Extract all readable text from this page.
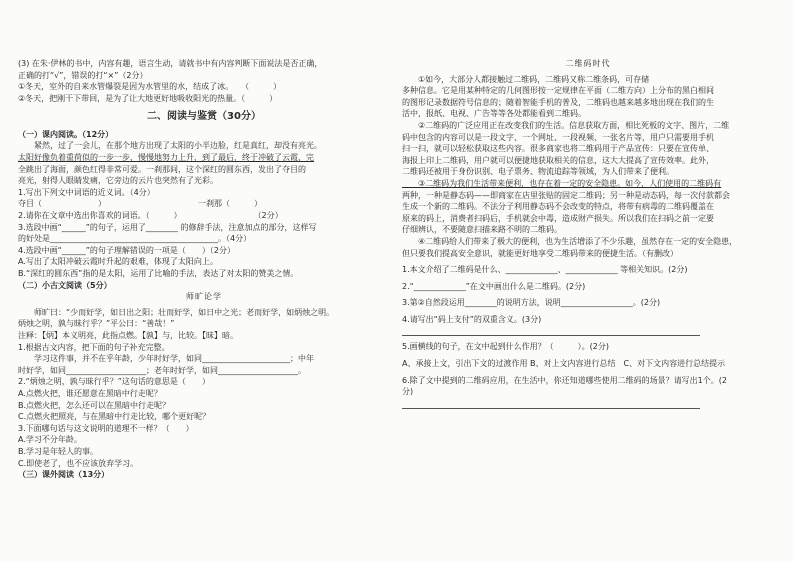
(3) 在朱·伊林的书中，内容有趣，语言生动，请就书中有内容判断下面说法是否正确，

正确的打“√”，错误的打“×”（2分）

①冬天，室外的自来水管爆裂是因为水管里的水，结成了冰。　　（　　　）

②冬天，把刚干下带回，是为了让大地更好地吸收阳光的热量。（　　　）

二、阅读与鉴赏（30分）

（一）课内阅读。（12分）

　　紧然，过了一会儿，在那个地方出现了太阳的小半边脸，红是真红，却没有亮光。

太阳好像负着重荷似的一步一步，慢慢地努力上升，到了最后，终于冲破了云霞，完

全跳出了海面，颜色红得非常可爱。一刹那间，这个深红的圆东西，发出了夺目的

亮光，射得人眼睛发痛，它旁边的云片也突然有了光彩。

1.写出下列文中词语的近义词。（4分）

夺目（　　　　　　　）　　　　　　　　　　　　一刹那（　　　）

2.请你在文章中选出你喜欢的词语。（　　　）　　　　　　　　　　（2分）

3.选段中画“______”的句子，运用了________ 的修辞手法，注意加点的部分，这样写

的好处是__________________________________________。（4分）

4.选段中画“______”的句子理解错误的一项是（　　）（2分）

A.写出了太阳冲破云霞时升起的艰难，体现了太阳向上。

B.“深红的圆东西”指的是太阳，运用了比喻的手法，表达了对太阳的赞美之情。

（二）小古文阅读（5分）

师旷论学

　　师旷曰：“少而好学，如日出之阳；壮而好学，如日中之光；老而好学，如炳烛之明。

炳烛之明，孰与昧行乎？”平公曰：“善哉！”

注释：【炳】本义明亮，此指点燃。【孰】与，比较。【昧】暗。

1.根据古文内容，把下面的句子补充完整。

　　学习这件事，并不在乎年龄，少年时好学，如同______________________；中年

时好学，如同____________________；老年时好学，如同____________________。

2.“炳烛之明，孰与昧行乎？”这句话的意思是（　　）

A.点燃火把，谁还愿意在黑暗中行走呢？

B.点燃火把，怎么还可以在黑暗中行走呢？

C.点燃火把照亮，与在黑暗中行走比较，哪个更好呢？

3.下面哪句话与这文说明的道理不一样？（　　）

A.学习不分年龄。

B.学习是年轻人的事。

C.即使老了，也不应该放弃学习。

（三）课外阅读（13分）

二维码时代

　　①如今，大部分人都接触过二维码，二维码又称二维条码，可存储

多种信息。它是用某种特定的几何图形按一定规律在平面（二维方向）上分布的黑白相间

的图形记录数据符号信息的；随着智能手机的普及，二维码也越来越多地出现在我们的生

活中，报纸、电视、广告等等各处都能看到二维码。

　　②二维码的广泛应用正在改变我们的生活。信息获取方面，相比死板的文字、图片，二维

码中包含的内容可以是一段文字、一个网址、一段视频、一张名片等，用户只需要用手机

扫一扫，就可以轻松获取这些内容。很多商家也将二维码用于产品宣传：只要在宣传单、

海报上印上二维码，用户就可以便捷地获取相关的信息，这大大提高了宣传效率。此外，

二维码还被用于身份识别、电子票务、物流追踪等领域，为人们带来了便利。

　　③二维码为我们生活带来便利，也存在着一定的安全隐患。如今，人们使用的二维码有

两种，一种是静态码——即商家在店里张贴的固定二维码；另一种是动态码，每一次付款都会

生成一个新的二维码。不法分子利用静态码不会改变的特点，将带有病毒的二维码覆盖在

原来的码上，消费者扫码后，手机就会中毒，造成财产损失。所以我们在扫码之前一定要

仔细辨认，不要随意扫描来路不明的二维码。

　　④二维码给人们带来了极大的便利，也为生活增添了不少乐趣，虽然存在一定的安全隐患，

但只要我们提高安全意识，就能更好地享受二维码带来的便捷生活。（有删改）

1.本文介绍了二维码是什么、_____________、_____________ 等相关知识。(2分)

2.“_____________”在文中画出什么是二维码。(2分)

3.第②自然段运用________的说明方法，说明__________________。(2分)

4.请写出“码上支付”的双重含义。(3分)

5.画横线的句子，在文中起到什么作用？（　　　）。(2分)

A、承接上文，引出下文的过渡作用 B、对上文内容进行总结　C、对下文内容进行总结提示

6.除了文中提到的二维码应用，在生活中，你还知道哪些使用二维码的场景？请写出1个。(2

分)
